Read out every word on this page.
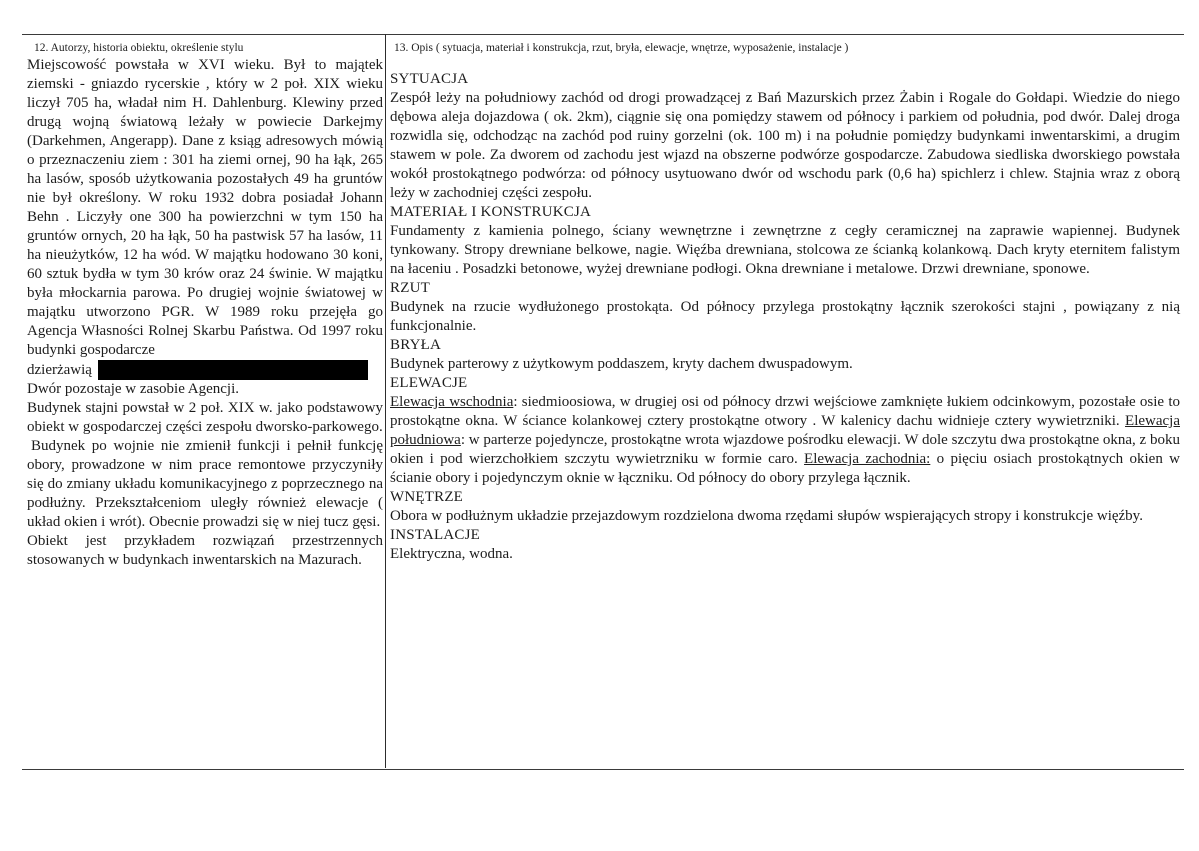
12. Autorzy, historia obiektu, określenie stylu

Miejscowość powstała w XVI wieku. Był to majątek ziemski - gniazdo rycerskie , który w 2 poł. XIX wieku liczył 705 ha, władał nim H. Dahlenburg. Klewiny przed drugą wojną światową leżały w powiecie Darkejmy (Darkehmen, Angerapp). Dane z ksiąg adresowych mówią o przeznaczeniu ziem : 301 ha ziemi ornej, 90 ha łąk, 265 ha lasów, sposób użytkowania pozostałych 49 ha gruntów nie był określony. W roku 1932 dobra posiadał Johann Behn . Liczyły one 300 ha powierzchni w tym 150 ha gruntów ornych, 20 ha łąk, 50 ha pastwisk 57 ha lasów, 11 ha nieużytków, 12 ha wód. W majątku hodowano 30 koni, 60 sztuk bydła w tym 30 krów oraz 24 świnie. W majątku była młockarnia parowa. Po drugiej wojnie światowej w majątku utworzono PGR. W 1989 roku przejęła go Agencja Własności Rolnej Skarbu Państwa. Od 1997 roku budynki gospodarcze

dzierżawią

Dwór pozostaje w zasobie Agencji.

Budynek stajni powstał w 2 poł. XIX w. jako podstawowy obiekt w gospodarczej części zespołu dworsko-parkowego.

Budynek po wojnie nie zmienił funkcji i pełnił funkcję obory, prowadzone w nim prace remontowe przyczyniły się do zmiany układu komunikacyjnego z poprzecznego na podłużny. Przekształceniom uległy również elewacje ( układ okien i wrót). Obecnie prowadzi się w niej tucz gęsi.

Obiekt jest przykładem rozwiązań przestrzennych stosowanych w budynkach inwentarskich na Mazurach.

13. Opis ( sytuacja, materiał i konstrukcja, rzut, bryła, elewacje, wnętrze, wyposażenie, instalacje )

SYTUACJA

Zespół leży na południowy zachód od drogi prowadzącej z Bań Mazurskich przez Żabin i Rogale do Gołdapi. Wiedzie do niego dębowa aleja dojazdowa ( ok. 2km), ciągnie się ona pomiędzy stawem od północy i parkiem od południa, pod dwór. Dalej droga rozwidla się, odchodząc na zachód pod ruiny gorzelni (ok. 100 m) i na południe pomiędzy budynkami inwentarskimi, a drugim stawem w pole. Za dworem od zachodu jest wjazd na obszerne podwórze gospodarcze. Zabudowa siedliska dworskiego powstała wokół prostokątnego podwórza: od północy usytuowano dwór od wschodu park (0,6 ha) spichlerz i chlew. Stajnia wraz z oborą leży w zachodniej części zespołu.

MATERIAŁ I KONSTRUKCJA

Fundamenty z kamienia polnego, ściany wewnętrzne i zewnętrzne z cegły ceramicznej na zaprawie wapiennej. Budynek tynkowany. Stropy drewniane belkowe, nagie. Więźba drewniana, stolcowa ze ścianką kolankową. Dach kryty eternitem falistym na łaceniu . Posadzki betonowe, wyżej drewniane podłogi. Okna drewniane i metalowe. Drzwi drewniane, sponowe.

RZUT

Budynek na rzucie wydłużonego prostokąta. Od północy przylega prostokątny łącznik szerokości stajni , powiązany z nią funkcjonalnie.

BRYŁA

Budynek parterowy z użytkowym poddaszem, kryty dachem dwuspadowym.

ELEWACJE

Elewacja wschodnia: siedmioosiowa, w drugiej osi od północy drzwi wejściowe zamknięte łukiem odcinkowym, pozostałe osie to prostokątne okna. W ściance kolankowej cztery prostokątne otwory . W kalenicy dachu widnieje cztery wywietrzniki. Elewacja południowa: w parterze pojedyncze, prostokątne wrota wjazdowe pośrodku elewacji. W dole szczytu dwa prostokątne okna, z boku okien i pod wierzchołkiem szczytu wywietrzniku w formie caro. Elewacja zachodnia: o pięciu osiach prostokątnych okien w ścianie obory i pojedynczym oknie w łączniku. Od północy do obory przylega łącznik.

WNĘTRZE

Obora w podłużnym układzie przejazdowym rozdzielona dwoma rzędami słupów wspierających stropy i konstrukcje więźby.

INSTALACJE

Elektryczna, wodna.
